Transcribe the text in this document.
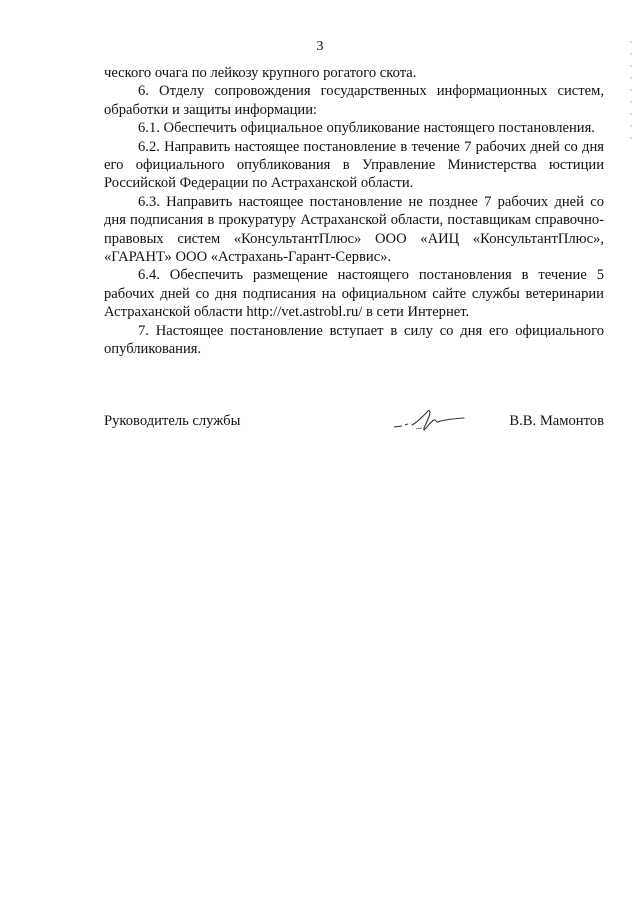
3

ческого очага по лейкозу крупного рогатого скота.

6. Отделу сопровождения государственных информационных систем, обработки и защиты информации:

6.1. Обеспечить официальное опубликование настоящего постановления.

6.2. Направить настоящее постановление в течение 7 рабочих дней со дня его официального опубликования в Управление Министерства юстиции Российской Федерации по Астраханской области.

6.3. Направить настоящее постановление не позднее 7 рабочих дней со дня подписания в прокуратуру Астраханской области, поставщикам справочно-правовых систем «КонсультантПлюс» ООО «АИЦ «КонсультантПлюс», «ГАРАНТ» ООО «Астрахань-Гарант-Сервис».

6.4. Обеспечить размещение настоящего постановления в течение 5 рабочих дней со дня подписания на официальном сайте службы ветеринарии Астраханской области http://vet.astrobl.ru/ в сети Интернет.

7. Настоящее постановление вступает в силу со дня его официального опубликования.

Руководитель службы	В.В. Мамонтов
